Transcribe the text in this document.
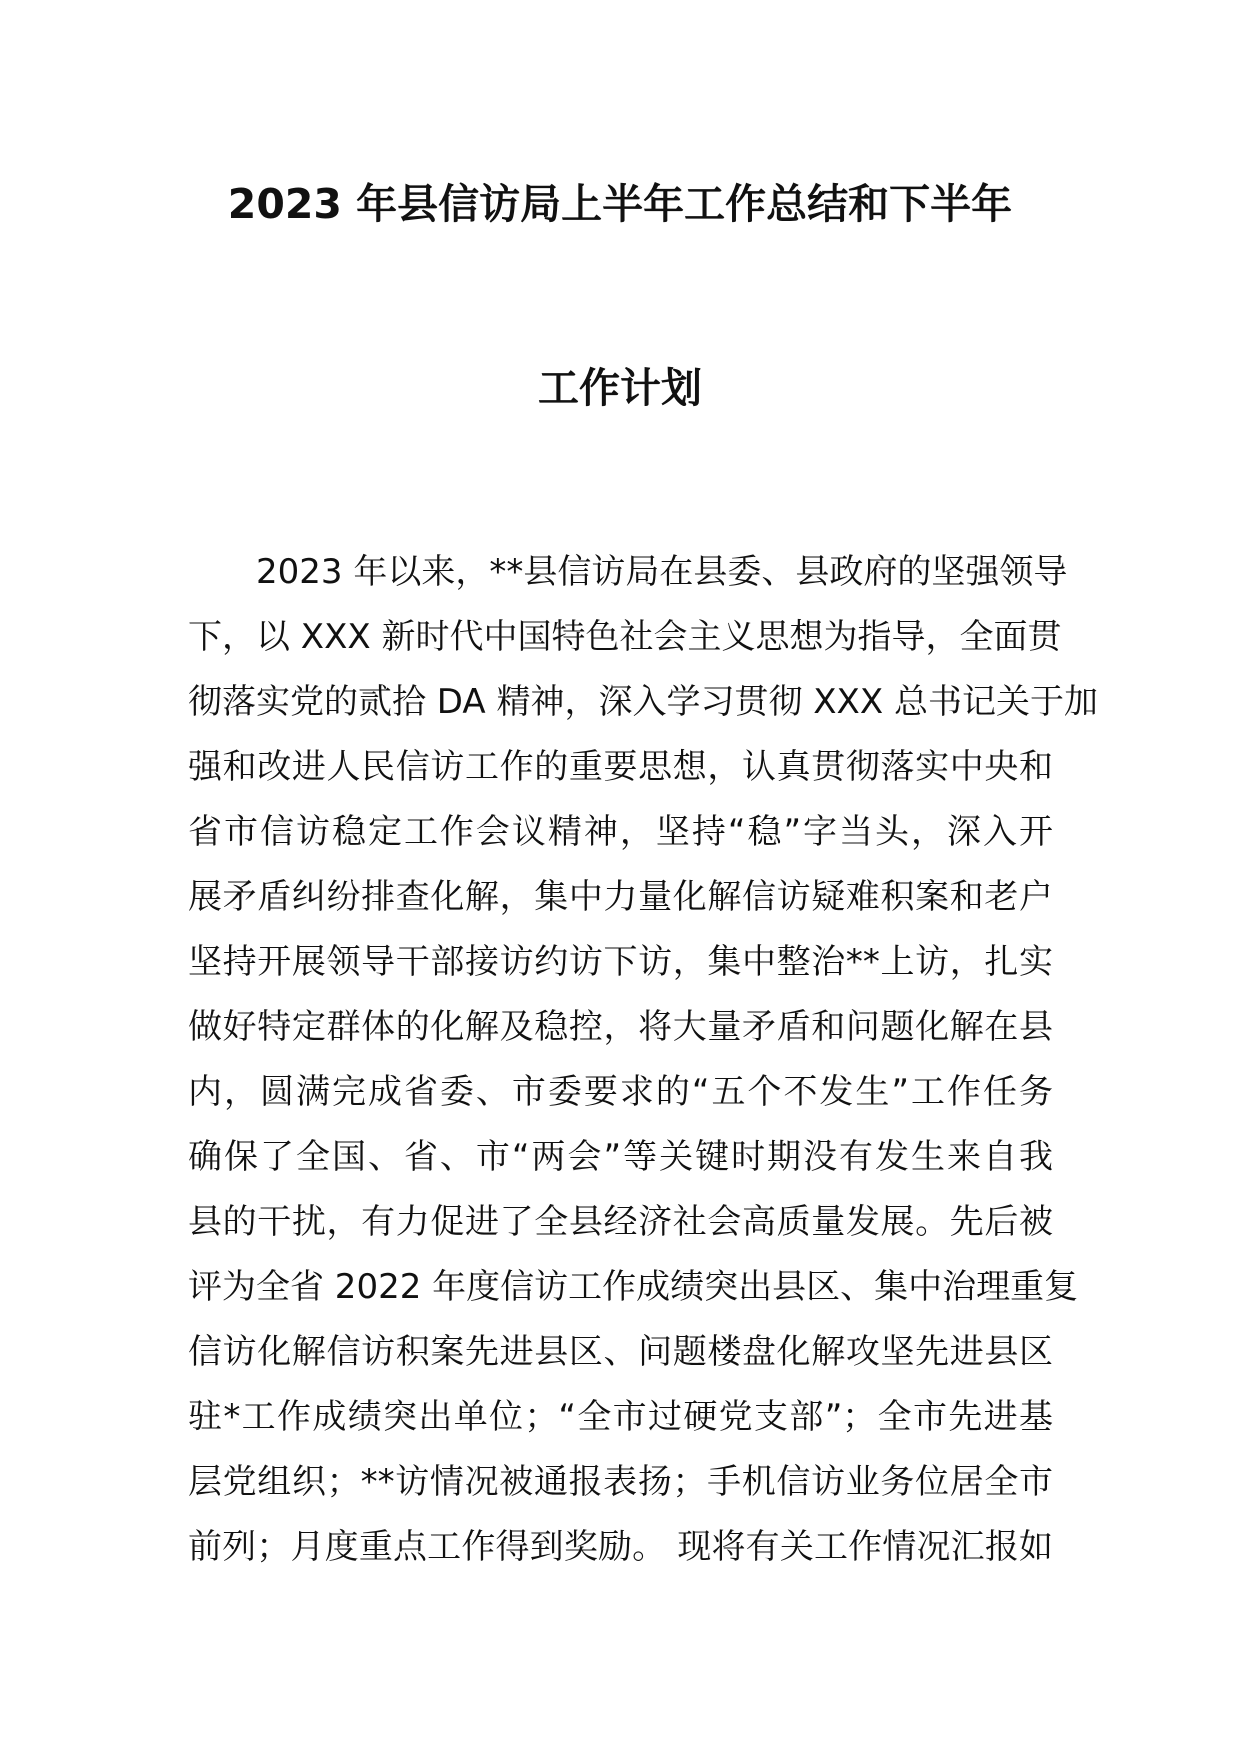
2023 年县信访局上半年工作总结和下半年
工作计划
2023 年以来，**县信访局在县委、县政府的坚强领导
下，以 XXX 新时代中国特色社会主义思想为指导，全面贯
彻落实党的贰拾 DA 精神，深入学习贯彻 XXX 总书记关于加
强和改进人民信访工作的重要思想，认真贯彻落实中央和
省市信访稳定工作会议精神，坚持“稳”字当头，深入开
展矛盾纠纷排查化解，集中力量化解信访疑难积案和老户
坚持开展领导干部接访约访下访，集中整治**上访，扎实
做好特定群体的化解及稳控，将大量矛盾和问题化解在县
内，圆满完成省委、市委要求的“五个不发生”工作任务
确保了全国、省、市“两会”等关键时期没有发生来自我
县的干扰，有力促进了全县经济社会高质量发展。先后被
评为全省 2022 年度信访工作成绩突出县区、集中治理重复
信访化解信访积案先进县区、问题楼盘化解攻坚先进县区
驻*工作成绩突出单位；“全市过硬党支部”；全市先进基
层党组织；**访情况被通报表扬；手机信访业务位居全市
前列；月度重点工作得到奖励。 现将有关工作情况汇报如
